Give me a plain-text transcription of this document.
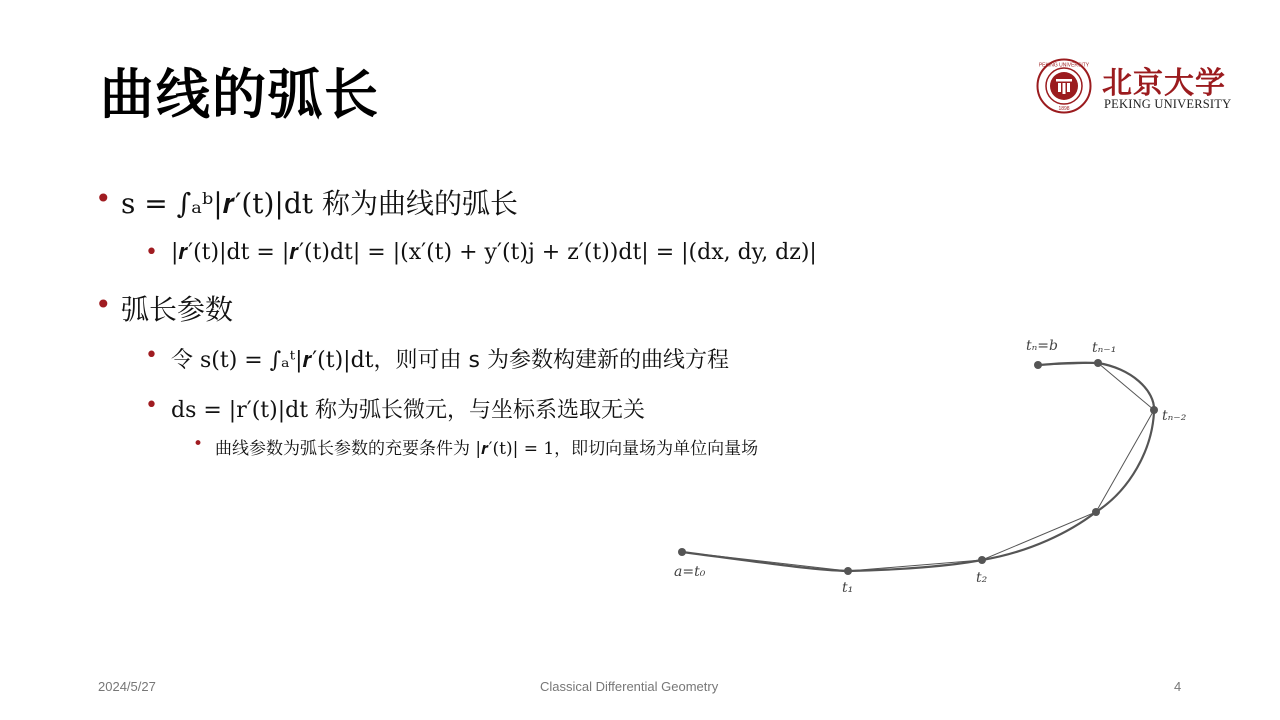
曲线的弧长	PEKING UNIVERSITY
1898
北京大学
PEKING UNIVERSITY
• s = ∫ₐᵇ|𝒓′(t)|dt 称为曲线的弧长
• |𝒓′(t)|dt = |𝒓′(t)dt| = |(x′(t) + y′(t)j + z′(t))dt| = |(dx, dy, dz)|
• 弧长参数
• 令 s(t) = ∫ₐᵗ|𝒓′(t)|dt，则可由 s 为参数构建新的曲线方程
• ds = |r′(t)|dt 称为弧长微元，与坐标系选取无关
• 曲线参数为弧长参数的充要条件为 |𝒓′(t)| = 1，即切向量场为单位向量场
a=t₀
t₁
t₂
tₙ₋₂
tₙ₋₁
tₙ=b
2024/5/27	Classical Differential Geometry	4
